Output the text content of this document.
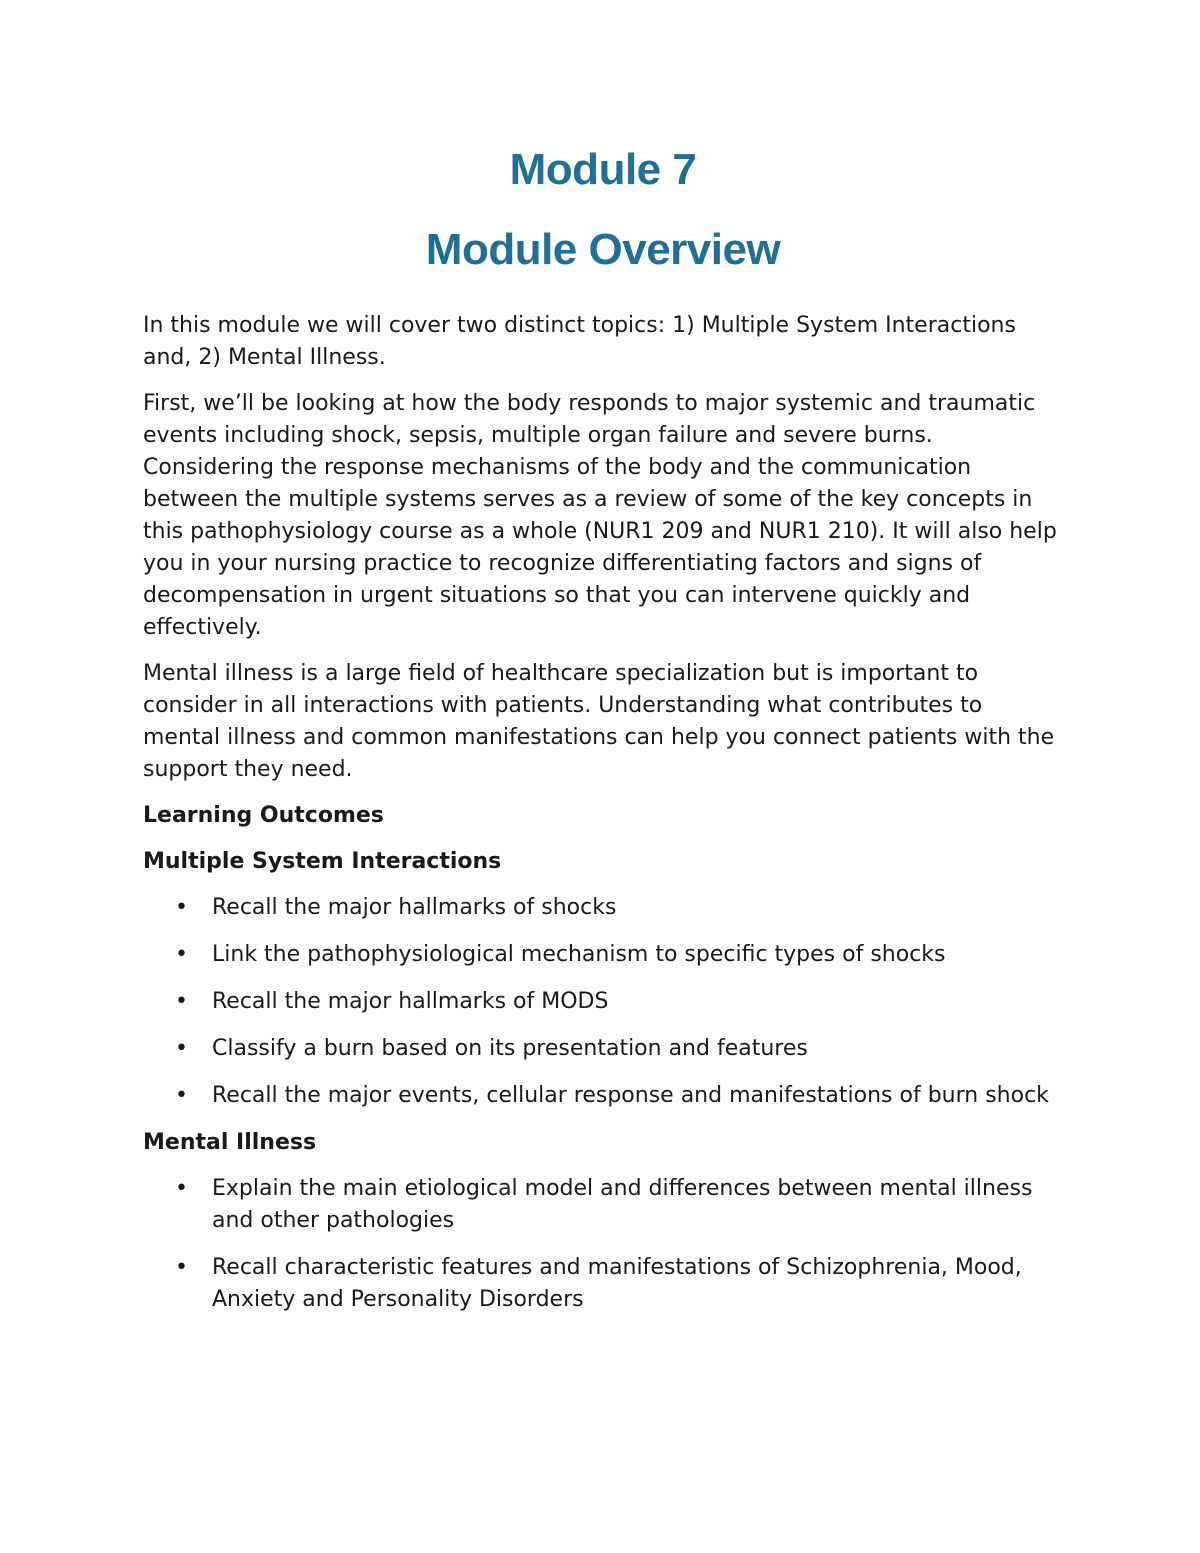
Module 7
Module Overview

In this module we will cover two distinct topics: 1) Multiple System Interactions and, 2) Mental Illness.

First, we’ll be looking at how the body responds to major systemic and traumatic events including shock, sepsis, multiple organ failure and severe burns. Considering the response mechanisms of the body and the communication between the multiple systems serves as a review of some of the key concepts in this pathophysiology course as a whole (NUR1 209 and NUR1 210). It will also help you in your nursing practice to recognize differentiating factors and signs of decompensation in urgent situations so that you can intervene quickly and effectively.

Mental illness is a large field of healthcare specialization but is important to consider in all interactions with patients. Understanding what contributes to mental illness and common manifestations can help you connect patients with the support they need.

Learning Outcomes
Multiple System Interactions
• Recall the major hallmarks of shocks
• Link the pathophysiological mechanism to specific types of shocks
• Recall the major hallmarks of MODS
• Classify a burn based on its presentation and features
• Recall the major events, cellular response and manifestations of burn shock
Mental Illness
• Explain the main etiological model and differences between mental illness and other pathologies
• Recall characteristic features and manifestations of Schizophrenia, Mood, Anxiety and Personality Disorders
